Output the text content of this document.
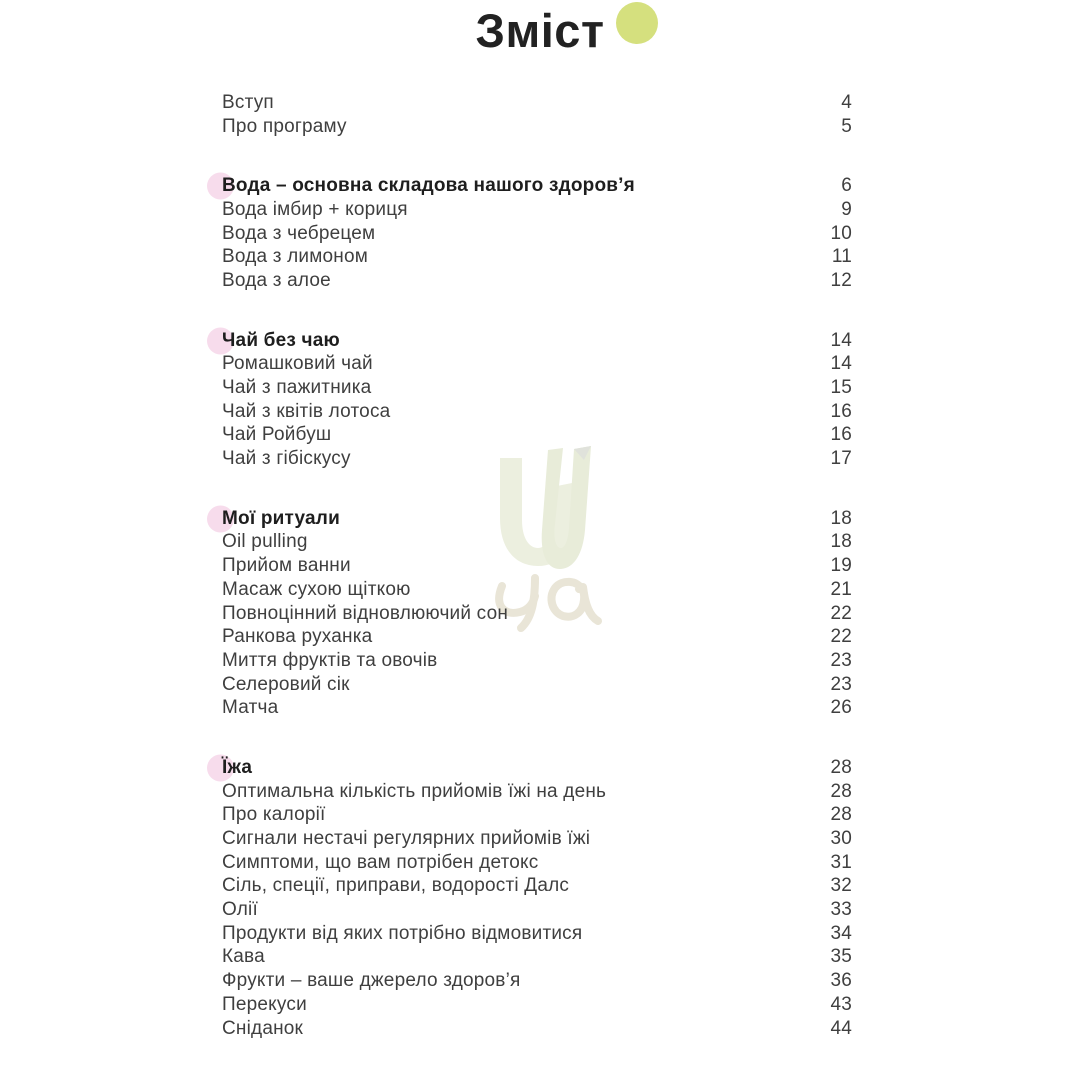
Зміст
Вступ	4
Про програму	5
Вода – основна складова нашого здоров’я	6
Вода імбир + кориця	9
Вода з чебрецем	10
Вода з лимоном	11
Вода з алое	12
Чай без чаю	14
Ромашковий чай	14
Чай з пажитника	15
Чай з квітів лотоса	16
Чай Ройбуш	16
Чай з гібіскусу	17
Мої ритуали	18
Oil pulling	18
Прийом ванни	19
Масаж сухою щіткою	21
Повноцінний відновлюючий сон	22
Ранкова руханка	22
Миття фруктів та овочів	23
Селеровий сік	23
Матча	26
Їжа	28
Оптимальна кількість прийомів їжі на день	28
Про калорії	28
Сигнали нестачі регулярних прийомів їжі	30
Симптоми, що вам потрібен детокс	31
Сіль, спеції, приправи, водорості Далс	32
Олії	33
Продукти від яких потрібно відмовитися	34
Кава	35
Фрукти – ваше джерело здоров’я	36
Перекуси	43
Сніданок	44
